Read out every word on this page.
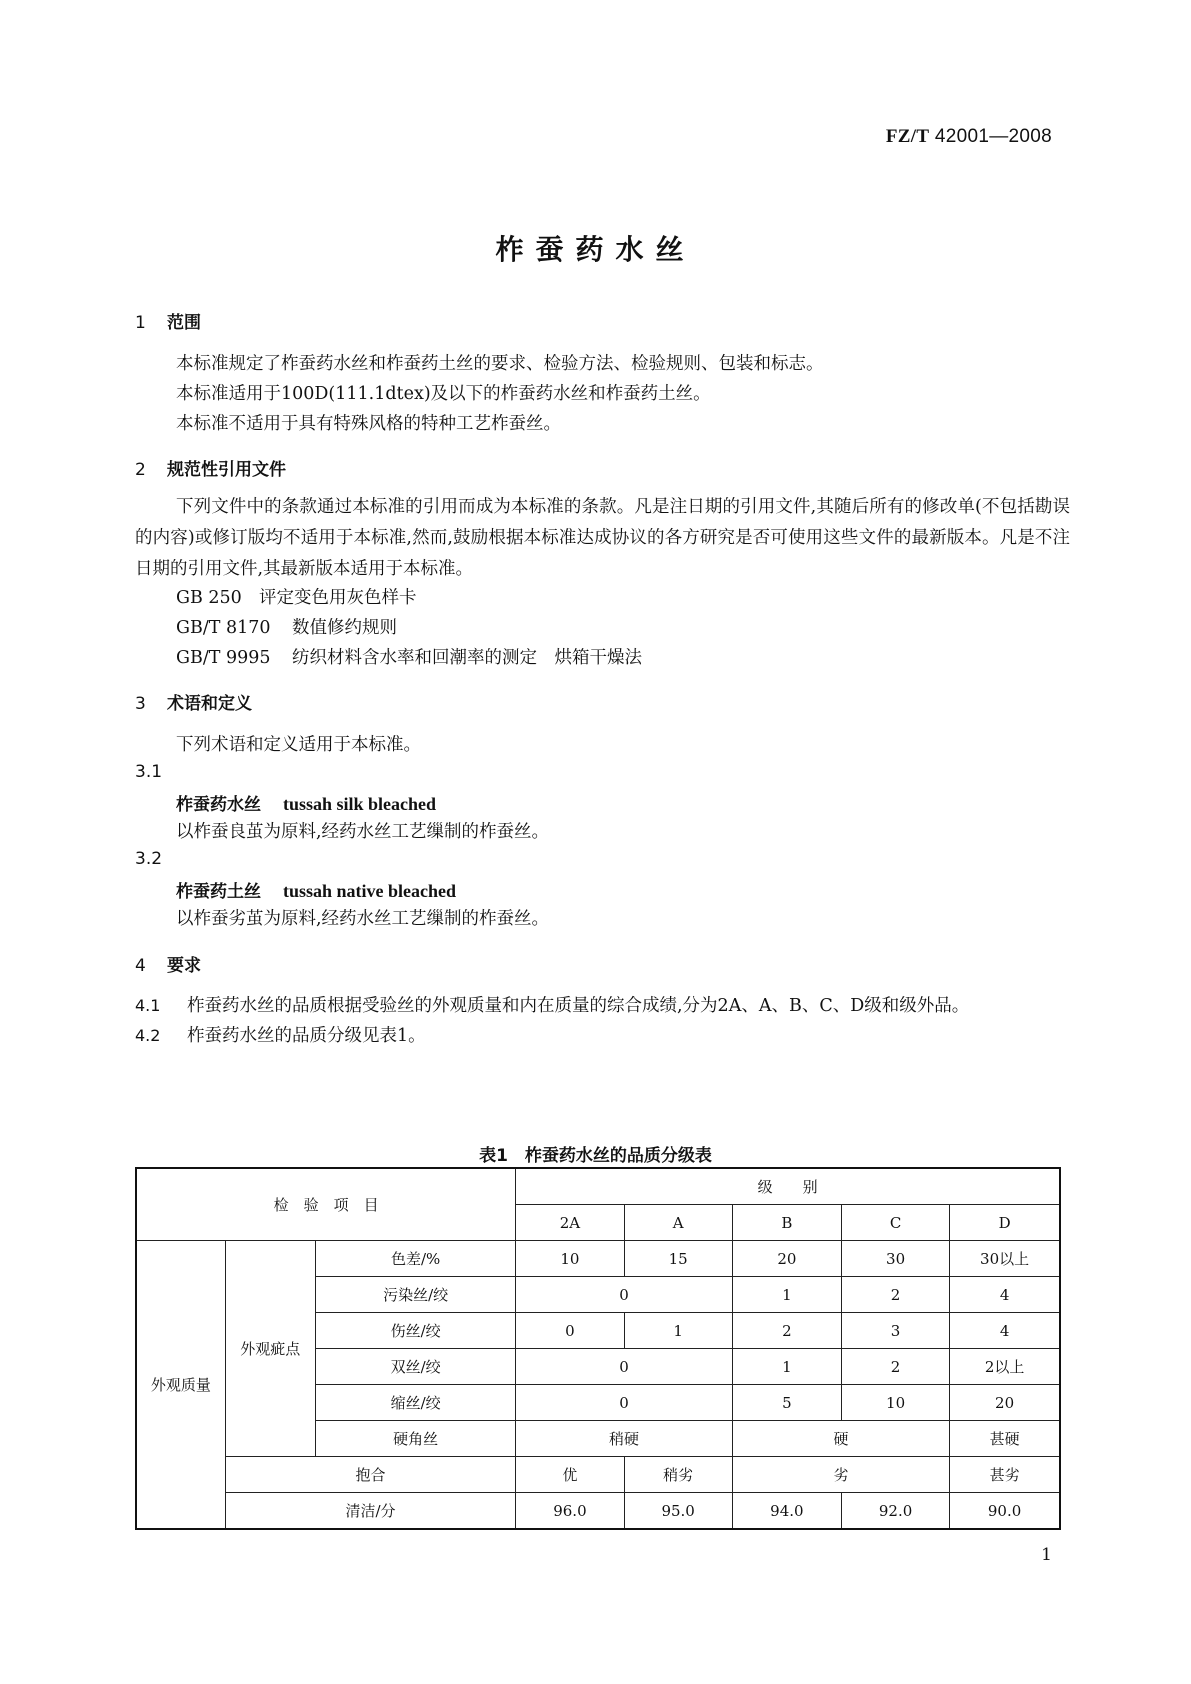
FZ/T 42001—2008
柞蚕药水丝
1 范围
本标准规定了柞蚕药水丝和柞蚕药土丝的要求、检验方法、检验规则、包装和标志。
本标准适用于100D(111.1dtex)及以下的柞蚕药水丝和柞蚕药土丝。
本标准不适用于具有特殊风格的特种工艺柞蚕丝。
2 规范性引用文件
下列文件中的条款通过本标准的引用而成为本标准的条款。凡是注日期的引用文件,其随后所有的修改单(不包括勘误的内容)或修订版均不适用于本标准,然而,鼓励根据本标准达成协议的各方研究是否可使用这些文件的最新版本。凡是不注日期的引用文件,其最新版本适用于本标准。
GB 250 评定变色用灰色样卡
GB/T 8170 数值修约规则
GB/T 9995 纺织材料含水率和回潮率的测定　烘箱干燥法
3 术语和定义
下列术语和定义适用于本标准。
3.1
柞蚕药水丝 tussah silk bleached
以柞蚕良茧为原料,经药水丝工艺缫制的柞蚕丝。
3.2
柞蚕药土丝 tussah native bleached
以柞蚕劣茧为原料,经药水丝工艺缫制的柞蚕丝。
4 要求
4.1 柞蚕药水丝的品质根据受验丝的外观质量和内在质量的综合成绩,分为2A、A、B、C、D级和级外品。
4.2 柞蚕药水丝的品质分级见表1。
表1　柞蚕药水丝的品质分级表
检　验　项　目			级　　别				
			2A	A	B	C	D
外观质量	外观疵点	色差/%	10	15	20	30	30以上
		污染丝/绞	0		1	2	4
		伤丝/绞	0	1	2	3	4
		双丝/绞	0		1	2	2以上
		缩丝/绞	0		5	10	20
		硬角丝	稍硬		硬		甚硬
	抱合		优	稍劣	劣		甚劣
	清洁/分		96.0	95.0	94.0	92.0	90.0
1
